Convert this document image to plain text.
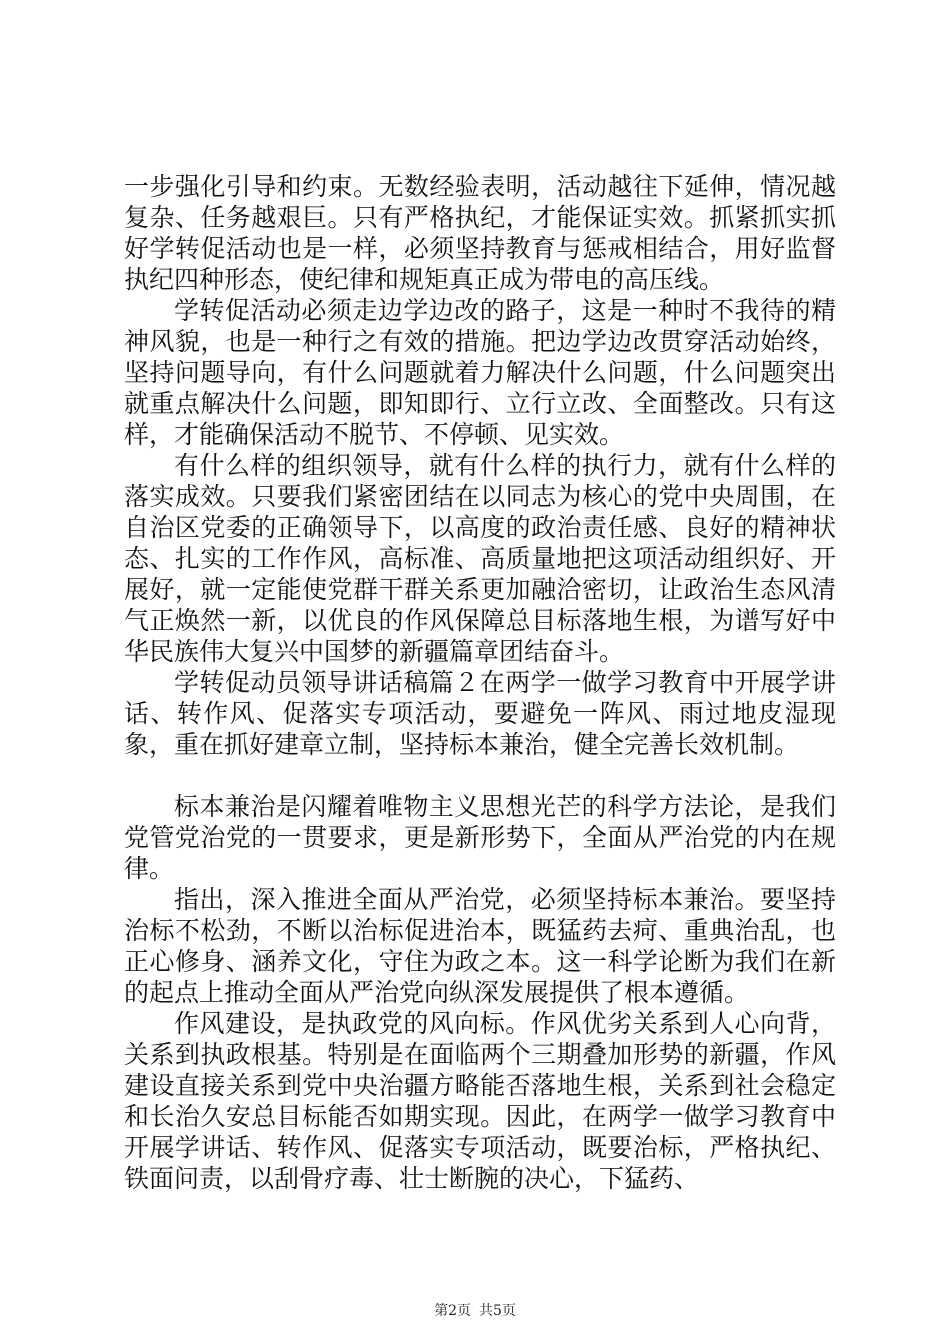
一步强化引导和约束。无数经验表明，活动越往下延伸，情况越复杂、任务越艰巨。只有严格执纪，才能保证实效。抓紧抓实抓好学转促活动也是一样，必须坚持教育与惩戒相结合，用好监督执纪四种形态，使纪律和规矩真正成为带电的高压线。

学转促活动必须走边学边改的路子，这是一种时不我待的精神风貌，也是一种行之有效的措施。把边学边改贯穿活动始终，坚持问题导向，有什么问题就着力解决什么问题，什么问题突出就重点解决什么问题，即知即行、立行立改、全面整改。只有这样，才能确保活动不脱节、不停顿、见实效。

有什么样的组织领导，就有什么样的执行力，就有什么样的落实成效。只要我们紧密团结在以同志为核心的党中央周围，在自治区党委的正确领导下，以高度的政治责任感、良好的精神状态、扎实的工作作风，高标准、高质量地把这项活动组织好、开展好，就一定能使党群干群关系更加融洽密切，让政治生态风清气正焕然一新，以优良的作风保障总目标落地生根，为谱写好中华民族伟大复兴中国梦的新疆篇章团结奋斗。

学转促动员领导讲话稿篇２在两学一做学习教育中开展学讲话、转作风、促落实专项活动，要避免一阵风、雨过地皮湿现象，重在抓好建章立制，坚持标本兼治，健全完善长效机制。

标本兼治是闪耀着唯物主义思想光芒的科学方法论，是我们党管党治党的一贯要求，更是新形势下，全面从严治党的内在规律。

指出，深入推进全面从严治党，必须坚持标本兼治。要坚持治标不松劲，不断以治标促进治本，既猛药去疴、重典治乱，也正心修身、涵养文化，守住为政之本。这一科学论断为我们在新的起点上推动全面从严治党向纵深发展提供了根本遵循。

作风建设，是执政党的风向标。作风优劣关系到人心向背，关系到执政根基。特别是在面临两个三期叠加形势的新疆，作风建设直接关系到党中央治疆方略能否落地生根，关系到社会稳定和长治久安总目标能否如期实现。因此，在两学一做学习教育中开展学讲话、转作风、促落实专项活动，既要治标，严格执纪、铁面问责，以刮骨疗毒、壮士断腕的决心，下猛药、

第2页 共5页
